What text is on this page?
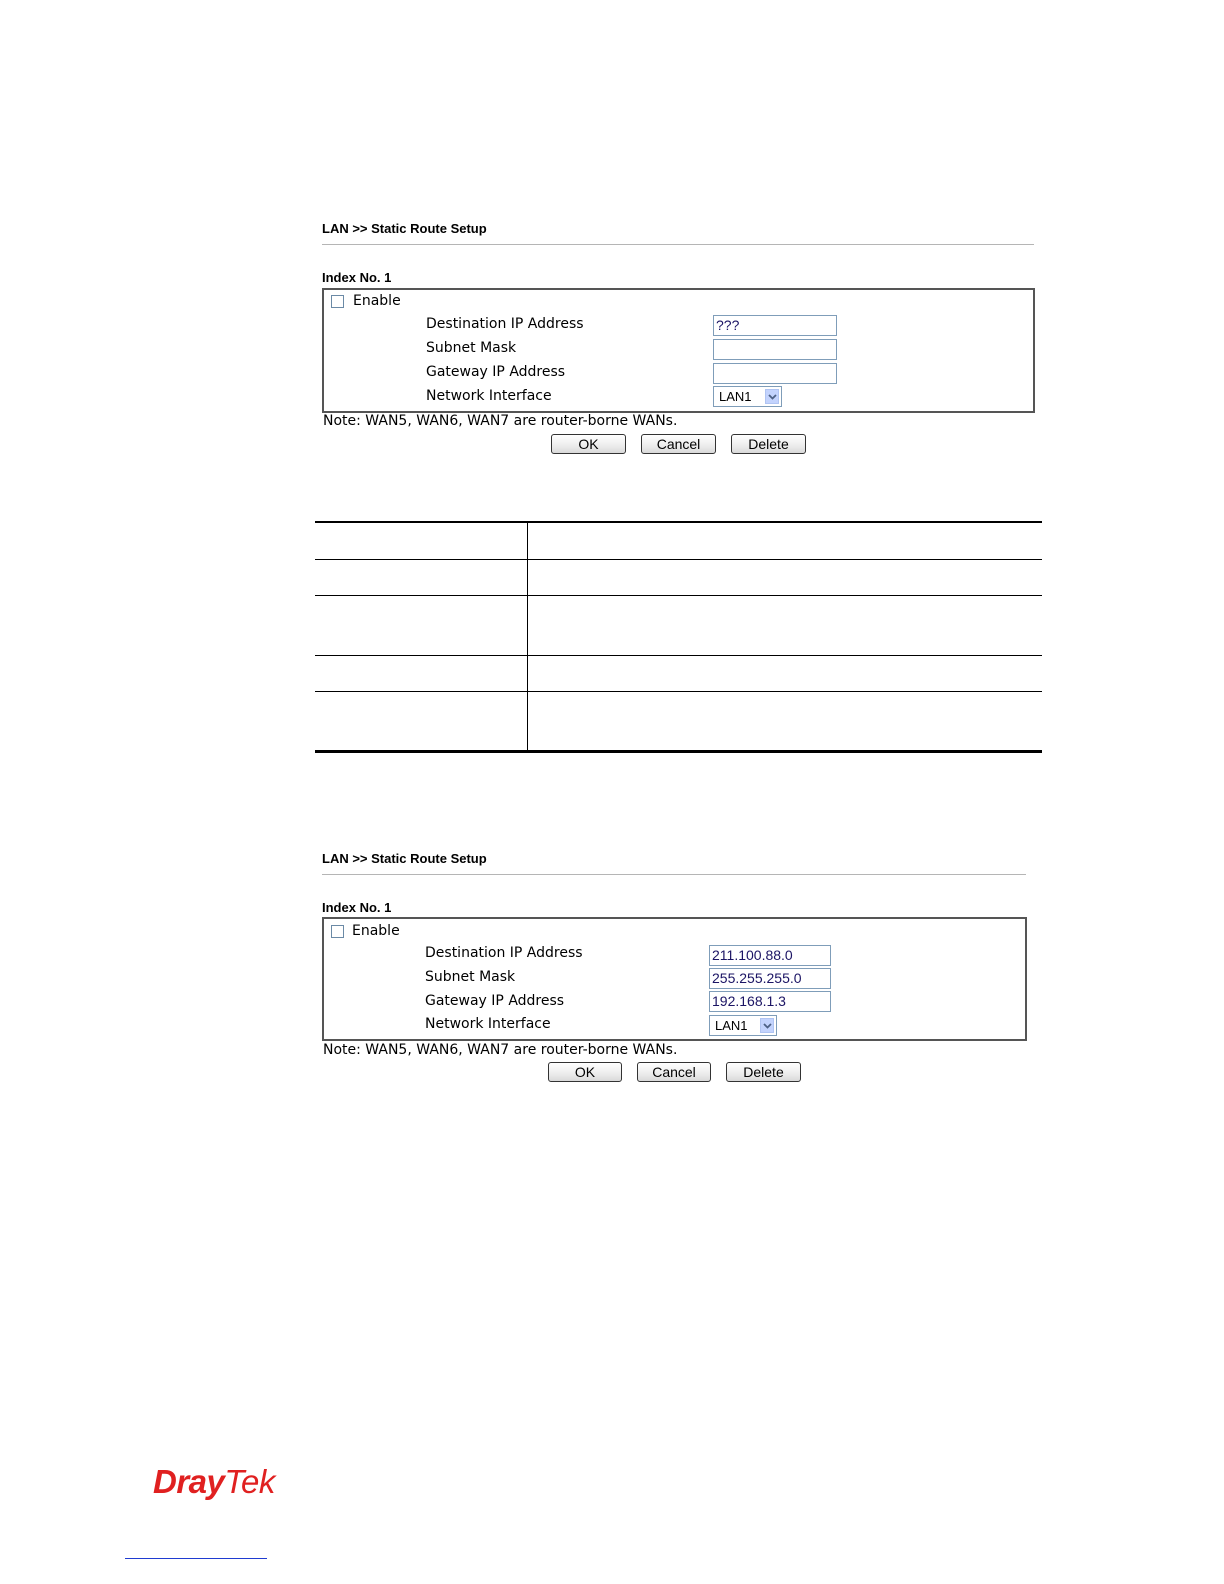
LAN >> Static Route Setup
Index No. 1
Enable
Destination IP Address	???
Subnet Mask
Gateway IP Address
Network Interface	LAN1
Note: WAN5, WAN6, WAN7 are router-borne WANs.
OK	Cancel	Delete
LAN >> Static Route Setup
Index No. 1
Enable
Destination IP Address	211.100.88.0
Subnet Mask	255.255.255.0
Gateway IP Address	192.168.1.3
Network Interface	LAN1
Note: WAN5, WAN6, WAN7 are router-borne WANs.
OK	Cancel	Delete
DrayTek
